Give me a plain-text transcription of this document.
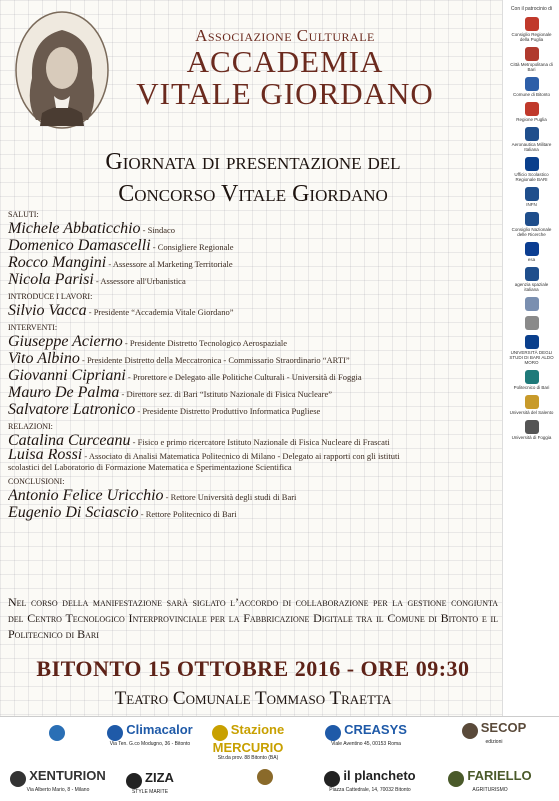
Associazione Culturale
ACCADEMIA
VITALE GIORDANO
Giornata di presentazione del
Concorso Vitale Giordano
SALUTI:
Michele Abbaticchio - Sindaco
Domenico Damascelli - Consigliere Regionale
Rocco Mangini - Assessore al Marketing Territoriale
Nicola Parisi - Assessore all'Urbanistica
INTRODUCE I LAVORI:
Silvio Vacca - Presidente “Accademia Vitale Giordano”
INTERVENTI:
Giuseppe Acierno - Presidente Distretto Tecnologico Aerospaziale
Vito Albino - Presidente Distretto della Meccatronica - Commissario Straordinario “ARTI”
Giovanni Cipriani - Prorettore e Delegato alle Politiche Culturali - Università di Foggia
Mauro De Palma - Direttore sez. di Bari “Istituto Nazionale di Fisica Nucleare”
Salvatore Latronico - Presidente Distretto Produttivo Informatica Pugliese
RELAZIONI:
Catalina Curceanu - Fisico e primo ricercatore Istituto Nazionale di Fisica Nucleare di Frascati
Luisa Rossi - Associato di Analisi Matematica Politecnico di Milano - Delegato ai rapporti con gli istituti
scolastici del Laboratorio di Formazione Matematica e Sperimentazione Scientifica
CONCLUSIONI:
Antonio Felice Uricchio - Rettore Università degli studi di Bari
Eugenio Di Sciascio - Rettore Politecnico di Bari
Nel corso della manifestazione sarà siglato l’accordo di collaborazione per la gestione congiunta del Centro Tecnologico Interprovinciale per la Fabbricazione Digitale tra il Comune di Bitonto e il Politecnico di Bari
BITONTO 15 OTTOBRE 2016 - ORE 09:30
Teatro Comunale Tommaso Traetta
Con il patrocinio di
Consiglio Regionale della Puglia
Città Metropolitana di Bari
Comune di Bitonto
Regione Puglia
Aeronautica Militare Italiana
Ufficio Scolastico Regionale BARI
INFN
Consiglio Nazionale delle Ricerche
esa
agenzia spaziale italiana
UNIVERSITÀ DEGLI STUDI DI BARI ALDO MORO
Politecnico di Bari
Università del Salento
Università di Foggia
Climacalor
Via Ten. G.co Modugno, 36 - Bitonto
Stazione MERCURIO
Str.da prov. 88 Bitonto (BA)
CREASYS
Viale Aventino 45, 00153 Roma
SECOP
edizioni
XENTURION
Via Alberto Mario, 8 - Milano
ZIZA
STYLE MARITE
il plancheto
Piazza Cattedrale, 14, 70032 Bitonto
FARIELLO
AGRITURISMO
